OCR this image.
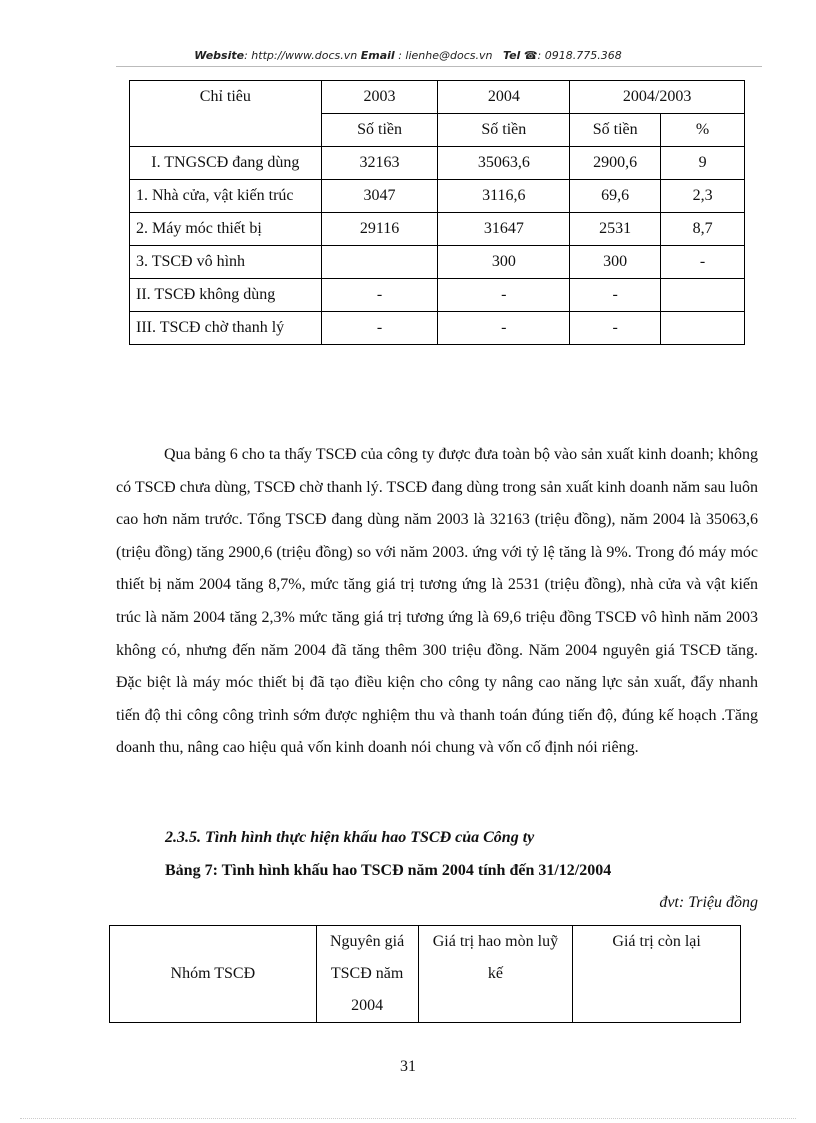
Website: http://www.docs.vn Email : lienhe@docs.vn Tel ☎: 0918.775.368
Chỉ tiêu	2003	2004	2004/2003	
	Số tiền	Số tiền	Số tiền	%
I. TNGSCĐ đang dùng	32163	35063,6	2900,6	9
1. Nhà cửa, vật kiến trúc	3047	3116,6	69,6	2,3
2. Máy móc thiết bị	29116	31647	2531	8,7
3. TSCĐ vô hình		300	300	-
II. TSCĐ không dùng	-	-	-	
III. TSCĐ chờ thanh lý	-	-	-	

Qua bảng 6 cho ta thấy TSCĐ của công ty được đưa toàn bộ vào sản xuất kinh doanh; không có TSCĐ chưa dùng, TSCĐ chờ thanh lý. TSCĐ đang dùng trong sản xuất kinh doanh năm sau luôn cao hơn năm trước. Tổng TSCĐ đang dùng năm 2003 là 32163 (triệu đồng), năm 2004 là 35063,6 (triệu đồng) tăng 2900,6 (triệu đồng) so với năm 2003. ứng với tỷ lệ tăng là 9%. Trong đó máy móc thiết bị năm 2004 tăng 8,7%, mức tăng giá trị tương ứng là 2531 (triệu đồng), nhà cửa và vật kiến trúc là năm 2004 tăng 2,3% mức tăng giá trị tương ứng là 69,6 triệu đồng TSCĐ vô hình năm 2003 không có, nhưng đến năm 2004 đã tăng thêm 300 triệu đồng. Năm 2004 nguyên giá TSCĐ tăng. Đặc biệt là máy móc thiết bị đã tạo điều kiện cho công ty nâng cao năng lực sản xuất, đẩy nhanh tiến độ thi công công trình sớm được nghiệm thu và thanh toán đúng tiến độ, đúng kế hoạch .Tăng doanh thu, nâng cao hiệu quả vốn kinh doanh nói chung và vốn cố định nói riêng.

2.3.5. Tình hình thực hiện khấu hao TSCĐ của Công ty
Bảng 7: Tình hình khấu hao TSCĐ năm 2004 tính đến 31/12/2004
đvt: Triệu đồng
Nhóm TSCĐ	Nguyên giá TSCĐ năm 2004	Giá trị hao mòn luỹ kế	Giá trị còn lại
31
